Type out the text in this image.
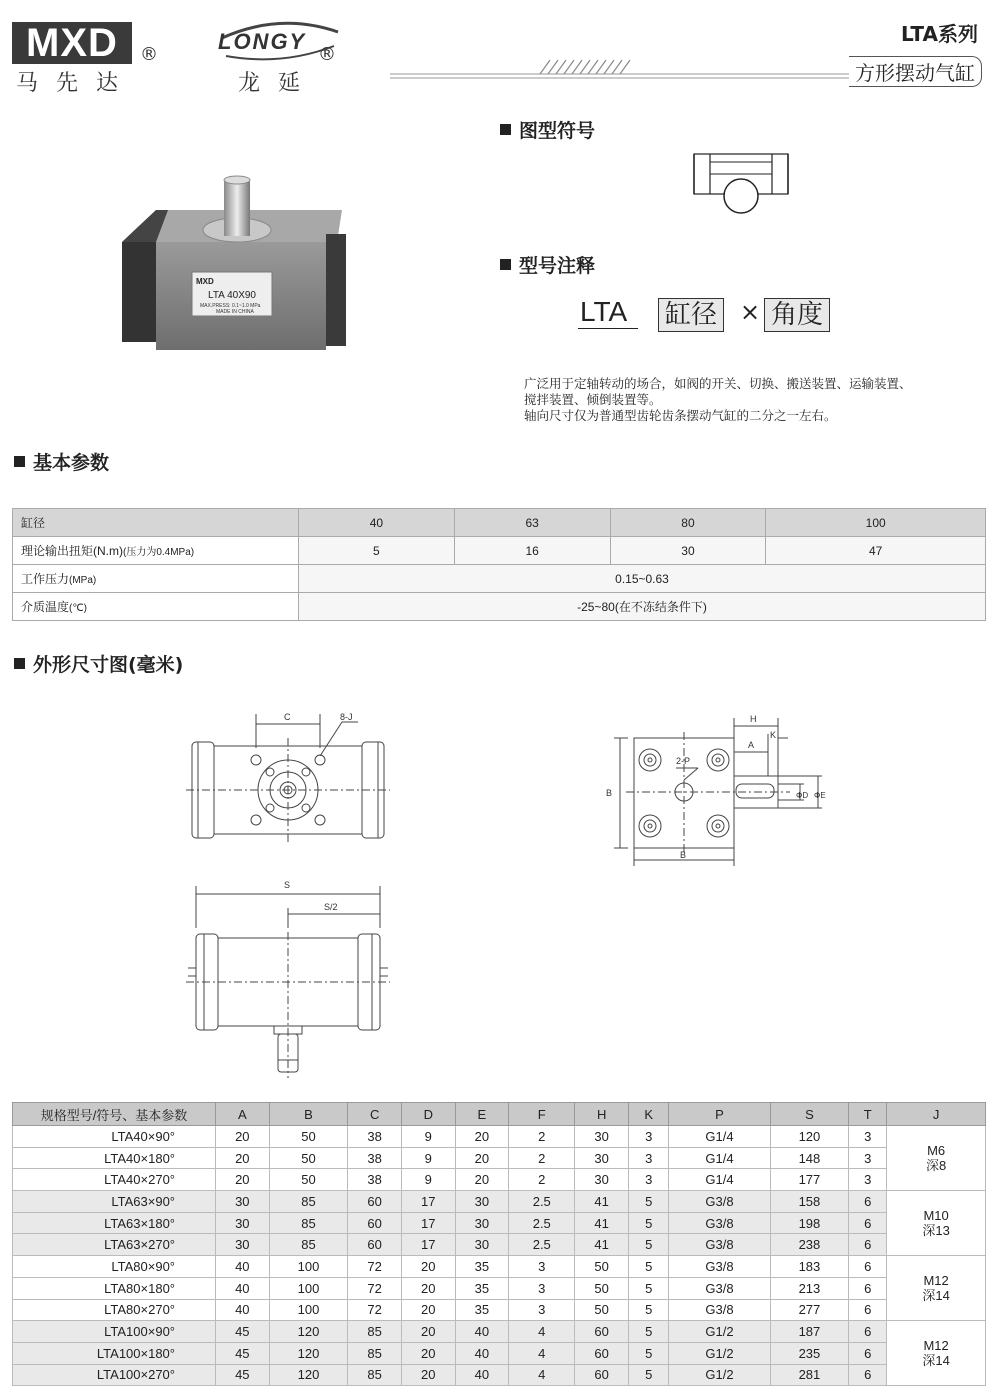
MXD	®
马先达
LONGY
®
龙延
LTA系列
方形摆动气缸
MXD
LTA 40X90
MAX.PRESS: 0.1~1.0 MPa
MADE IN CHINA
图型符号
型号注释
LTA 缸径 × 角度
广泛用于定轴转动的场合，如阀的开关、切换、搬送装置、运输装置、
搅拌装置、倾倒装置等。
轴向尺寸仅为普通型齿轮齿条摆动气缸的二分之一左右。
基本参数
缸径	40	63	80	100
理论输出扭矩(N.m)(压力为0.4MPa)	5	16	30	47
工作压力(MPa)	0.15~0.63			
介质温度(℃)	-25~80(在不冻结条件下)			
外形尺寸图(毫米)
C	8-J	H
A
K
2-P
B
B
ΦD ΦE
S
S/2
规格型号/符号、基本参数	A	B	C	D	E	F	H	K	P	S	T	J
LTA40×90°	20	50	38	9	20	2	30	3	G1/4	120	3	M6
深8

LTA40×180°	20	50	38	9	20	2	30	3	G1/4	148	3	
LTA40×270°	20	50	38	9	20	2	30	3	G1/4	177	3	
LTA63×90°	30	85	60	17	30	2.5	41	5	G3/8	158	6	M10
深13

LTA63×180°	30	85	60	17	30	2.5	41	5	G3/8	198	6	
LTA63×270°	30	85	60	17	30	2.5	41	5	G3/8	238	6	
LTA80×90°	40	100	72	20	35	3	50	5	G3/8	183	6	M12
深14

LTA80×180°	40	100	72	20	35	3	50	5	G3/8	213	6	
LTA80×270°	40	100	72	20	35	3	50	5	G3/8	277	6	
LTA100×90°	45	120	85	20	40	4	60	5	G1/2	187	6	M12
深14

LTA100×180°	45	120	85	20	40	4	60	5	G1/2	235	6	
LTA100×270°	45	120	85	20	40	4	60	5	G1/2	281	6	
